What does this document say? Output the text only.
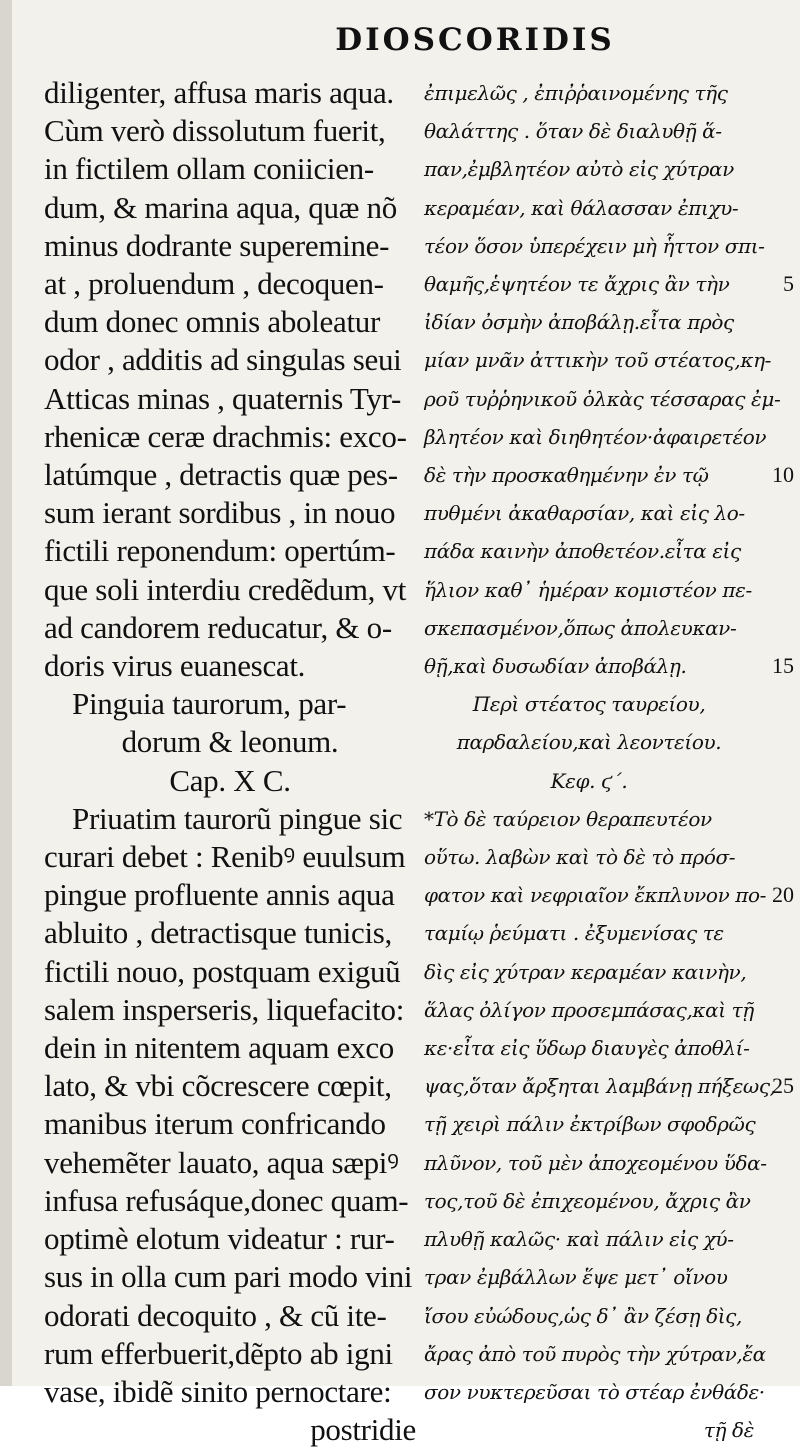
DIOSCORIDIS
diligenter, affusa maris aqua.
Cùm verò dissolutum fuerit,
in fictilem ollam coniicien-
dum, & marina aqua, quæ nõ
minus dodrante supereminе-
at , proluendum , decoquen-
dum donec omnis aboleatur
odor , additis ad singulas seui
Atticas minas , quaternis Tyr-
rhenicæ ceræ drachmis: exco-
latúmque , detractis quæ pes-
sum ierant sordibus , in nouo
fictili reponendum: opertúm-
que soli interdiu credẽdum, vt
ad candorem reducatur, & o-
doris virus euanescat.
Pinguia taurorum, par-
dorum & leonum.
Cap. X C.
Priuatim taurorũ pingue sic
curari debet : Renibꝰ euulsum
pingue profluente annis aqua
abluito , detractisque tunicis,
fictili nouo, postquam exiguũ
salem insperseris, liquefacito:
dein in nitentem aquam exco
lato, & vbi cõcrescere cœpit,
manibus iterum confricando
vehemẽter lauato, aqua sæpiꝰ
infusa refusáque,donec quam-
optimè elotum videatur : rur-
sus in olla cum pari modo vini
odorati decoquito , & cũ ite-
rum efferbuerit,dẽpto ab igni
vase, ibidẽ sinito pernoctare:
postridie
ἐπιμελῶς , ἐπιῤῥαινομένης τῆς
θαλάττης . ὅταν δὲ διαλυθῇ ἅ-
παν,ἐμβλητέον αὐτὸ εἰς χύτραν
κεραμέαν, καὶ θάλασσαν ἐπιχυ-
τέον ὅσον ὑπερέχειν μὴ ἧττον σπι-
θαμῆς,ἑψητέον τε ἄχρις ἂν τὴν
ἰδίαν ὀσμὴν ἀποβάλῃ.εἶτα πρὸς
μίαν μνᾶν ἀττικὴν τοῦ στέατος,κη-
ροῦ τυῤῥηνικοῦ ὁλκὰς τέσσαρας ἐμ-
βλητέον καὶ διηθητέον·ἀφαιρετέον
δὲ τὴν προσκαθημένην ἐν τῷ
πυθμένι ἀκαθαρσίαν, καὶ εἰς λο-
πάδα καινὴν ἀποθετέον.εἶτα εἰς
ἥλιον καθ᾽ ἡμέραν κομιστέον πε-
σκεπασμένον,ὅπως ἀπολευκαν-
θῇ,καὶ δυσωδίαν ἀποβάλῃ.
Περὶ στέατος ταυρείου,
παρδαλείου,καὶ λεοντείου.
Κεφ. ϛ΄.
*Τὸ δὲ ταύρειον θεραπευτέον
οὕτω. λαβὼν καὶ τὸ δὲ τὸ πρόσ-
φατον καὶ νεφριαῖον ἔκπλυνον πο-
ταμίῳ ῥεύματι . ἐξυμενίσας τε
δὶς εἰς χύτραν κεραμέαν καινὴν,
ἅλας ὀλίγον προσεμπάσας,καὶ τῇ
κε·εἶτα εἰς ὕδωρ διαυγὲς ἀποθλί-
ψας,ὅταν ἄρξηται λαμβάνῃ πήξεως,
τῇ χειρὶ πάλιν ἐκτρίβων σφοδρῶς
πλῦνον, τοῦ μὲν ἀποχεομένου ὕδα-
τος,τοῦ δὲ ἐπιχεομένου, ἄχρις ἂν
πλυθῇ καλῶς· καὶ πάλιν εἰς χύ-
τραν ἐμβάλλων ἕψε μετ᾽ οἴνου
ἴσου εὐώδους,ὡς δ᾽ ἂν ζέσῃ δὶς,
ἄρας ἀπὸ τοῦ πυρὸς τὴν χύτραν,ἔα
σον νυκτερεῦσαι τὸ στέαρ ἐνθάδε·
τῇ δὲ
5
10
15
20
25
